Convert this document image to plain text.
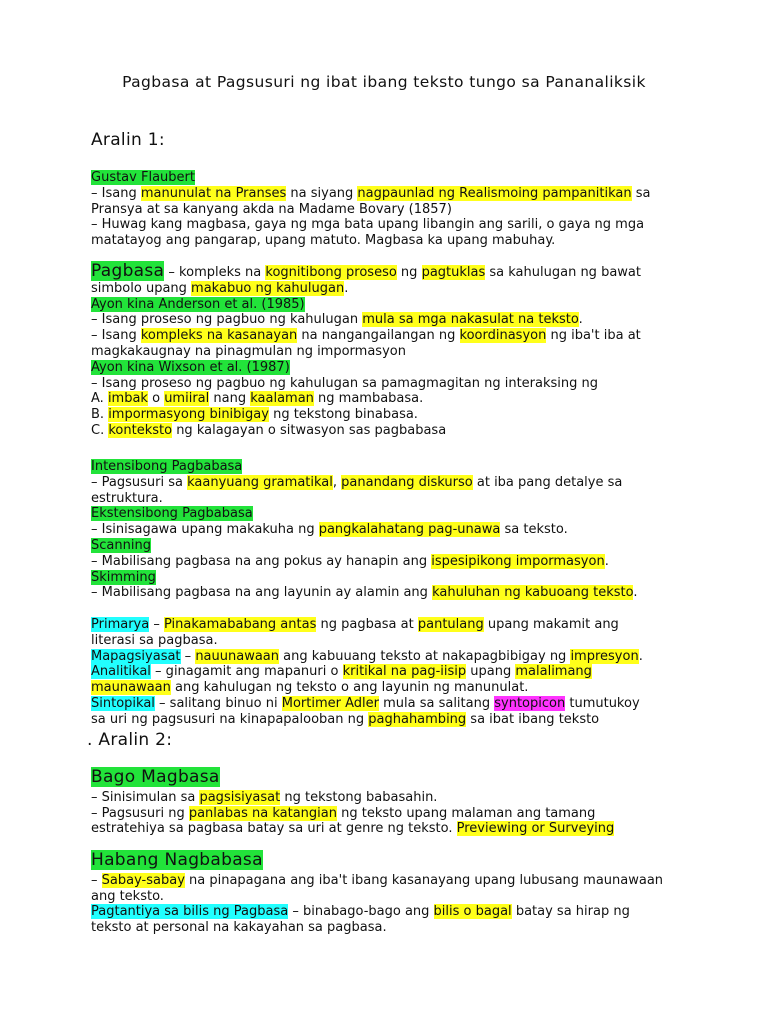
Pagbasa at Pagsusuri ng ibat ibang teksto tungo sa Pananaliksik
Aralin 1:
Gustav Flaubert
– Isang manunulat na Pranses na siyang nagpaunlad ng Realismoing pampanitikan sa
Pransya at sa kanyang akda na Madame Bovary (1857)
– Huwag kang magbasa, gaya ng mga bata upang libangin ang sarili, o gaya ng mga
matatayog ang pangarap, upang matuto. Magbasa ka upang mabuhay.
Pagbasa – kompleks na kognitibong proseso ng pagtuklas sa kahulugan ng bawat
simbolo upang makabuo ng kahulugan.
Ayon kina Anderson et al. (1985)
– Isang proseso ng pagbuo ng kahulugan mula sa mga nakasulat na teksto.
– Isang kompleks na kasanayan na nangangailangan ng koordinasyon ng iba't iba at
magkakaugnay na pinagmulan ng impormasyon
Ayon kina Wixson et al. (1987)
– Isang proseso ng pagbuo ng kahulugan sa pamagmagitan ng interaksing ng
A. imbak o umiiral nang kaalaman ng mambabasa.
B. impormasyong binibigay ng tekstong binabasa.
C. konteksto ng kalagayan o sitwasyon sas pagbabasa
Intensibong Pagbabasa
– Pagsusuri sa kaanyuang gramatikal, panandang diskurso at iba pang detalye sa
estruktura.
Ekstensibong Pagbabasa
– Isinisagawa upang makakuha ng pangkalahatang pag-unawa sa teksto.
Scanning
– Mabilisang pagbasa na ang pokus ay hanapin ang ispesipikong impormasyon.
Skimming
– Mabilisang pagbasa na ang layunin ay alamin ang kahuluhan ng kabuoang teksto.
Primarya – Pinakamababang antas ng pagbasa at pantulang upang makamit ang
literasi sa pagbasa.
Mapagsiyasat – nauunawaan ang kabuuang teksto at nakapagbibigay ng impresyon.
Analitikal – ginagamit ang mapanuri o kritikal na pag-iisip upang malalimang
maunawaan ang kahulugan ng teksto o ang layunin ng manunulat.
Sintopikal – salitang binuo ni Mortimer Adler mula sa salitang syntopicon tumutukoy
sa uri ng pagsusuri na kinapapalooban ng paghahambing sa ibat ibang teksto
. Aralin 2:
Bago Magbasa
– Sinisimulan sa pagsisiyasat ng tekstong babasahin.
– Pagsusuri ng panlabas na katangian ng teksto upang malaman ang tamang
estratehiya sa pagbasa batay sa uri at genre ng teksto. Previewing or Surveying
Habang Nagbabasa
– Sabay-sabay na pinapagana ang iba't ibang kasanayang upang lubusang maunawaan
ang teksto.
Pagtantiya sa bilis ng Pagbasa – binabago-bago ang bilis o bagal batay sa hirap ng
teksto at personal na kakayahan sa pagbasa.
